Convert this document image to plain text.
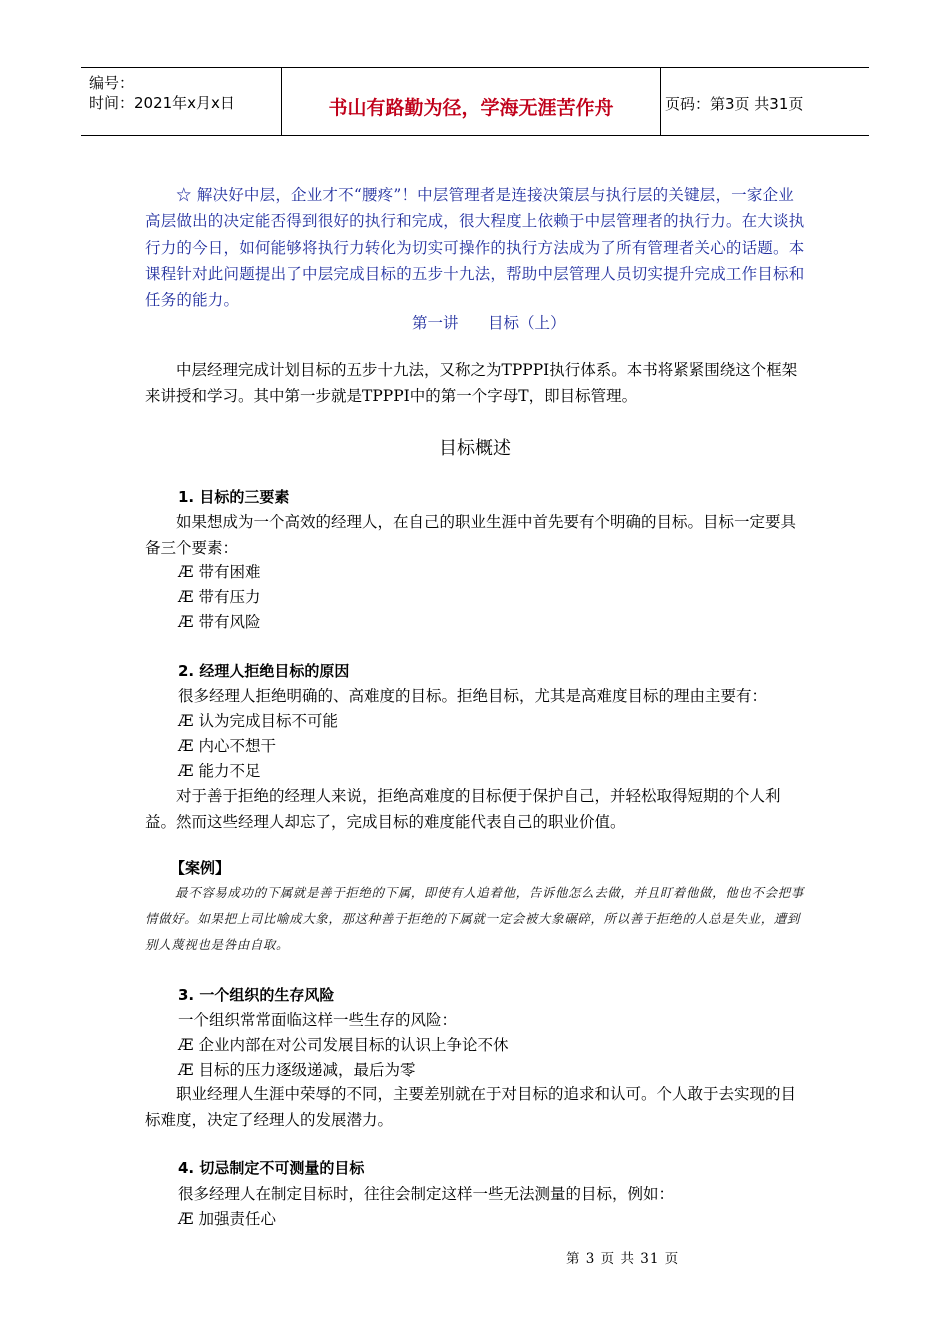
编号：
时间：2021年x月x日	书山有路勤为径，学海无涯苦作舟	页码：第3页 共31页
☆ 解决好中层，企业才不“腰疼”！中层管理者是连接决策层与执行层的关键层，一家企业高层做出的决定能否得到很好的执行和完成，很大程度上依赖于中层管理者的执行力。在大谈执行力的今日，如何能够将执行力转化为切实可操作的执行方法成为了所有管理者关心的话题。本课程针对此问题提出了中层完成目标的五步十九法，帮助中层管理人员切实提升完成工作目标和任务的能力。
第一讲      目标（上）
中层经理完成计划目标的五步十九法，又称之为TPPPI执行体系。本书将紧紧围绕这个框架来讲授和学习。其中第一步就是TPPPI中的第一个字母T，即目标管理。
目标概述
1. 目标的三要素
如果想成为一个高效的经理人，在自己的职业生涯中首先要有个明确的目标。目标一定要具备三个要素：
Æ 带有困难
Æ 带有压力
Æ 带有风险
2. 经理人拒绝目标的原因
很多经理人拒绝明确的、高难度的目标。拒绝目标，尤其是高难度目标的理由主要有：
Æ 认为完成目标不可能
Æ 内心不想干
Æ 能力不足
对于善于拒绝的经理人来说，拒绝高难度的目标便于保护自己，并轻松取得短期的个人利益。然而这些经理人却忘了，完成目标的难度能代表自己的职业价值。
【案例】
最不容易成功的下属就是善于拒绝的下属，即使有人追着他，告诉他怎么去做，并且盯着他做，他也不会把事情做好。如果把上司比喻成大象，那这种善于拒绝的下属就一定会被大象碾碎，所以善于拒绝的人总是失业，遭到别人蔑视也是咎由自取。
3. 一个组织的生存风险
一个组织常常面临这样一些生存的风险：
Æ 企业内部在对公司发展目标的认识上争论不休
Æ 目标的压力逐级递减，最后为零
职业经理人生涯中荣辱的不同，主要差别就在于对目标的追求和认可。个人敢于去实现的目标难度，决定了经理人的发展潜力。
4. 切忌制定不可测量的目标
很多经理人在制定目标时，往往会制定这样一些无法测量的目标，例如：
Æ 加强责任心
第 3 页 共 31 页
